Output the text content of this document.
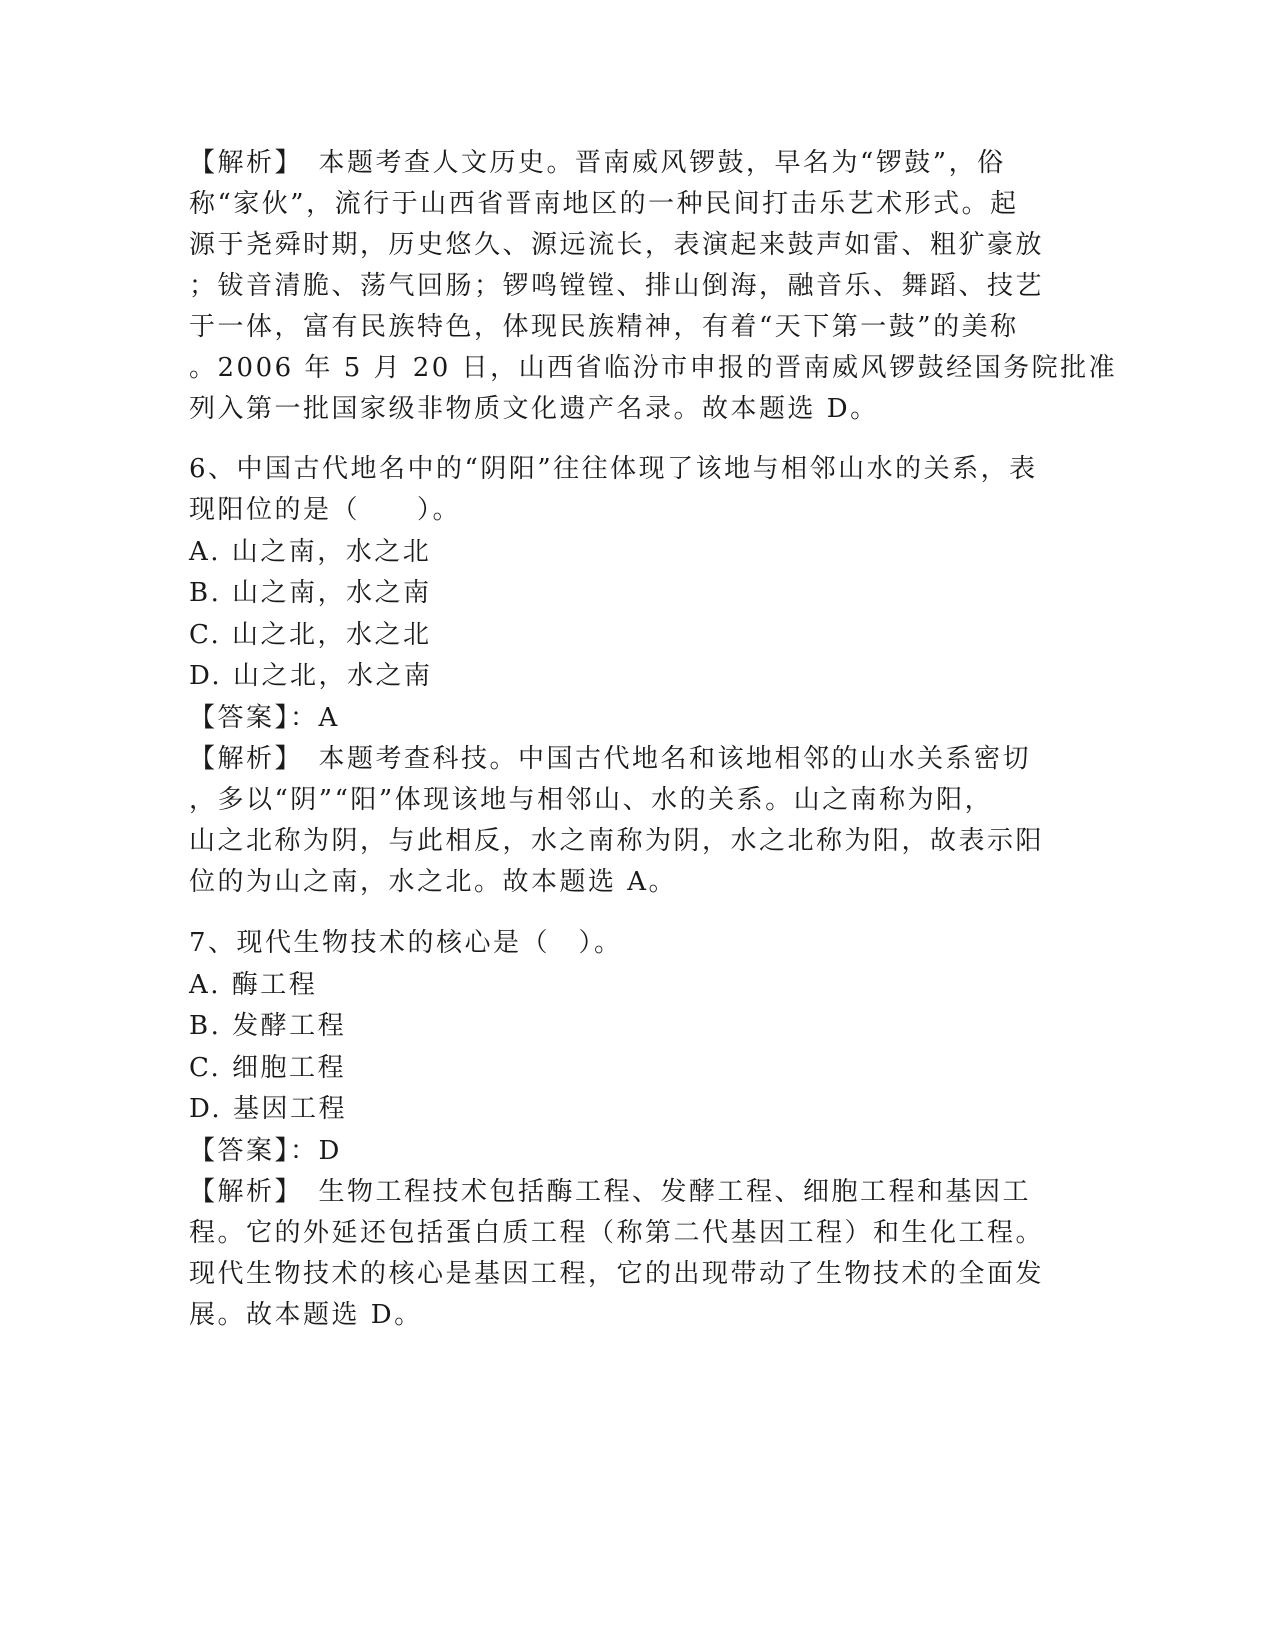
【解析】　本题考查人文历史。晋南威风锣鼓，早名为“锣鼓”，俗
称“家伙”，流行于山西省晋南地区的一种民间打击乐艺术形式。起
源于尧舜时期，历史悠久、源远流长，表演起来鼓声如雷、粗犷豪放
；钹音清脆、荡气回肠；锣鸣镗镗、排山倒海，融音乐、舞蹈、技艺
于一体，富有民族特色，体现民族精神，有着“天下第一鼓”的美称
。2006 年 5 月 20 日，山西省临汾市申报的晋南威风锣鼓经国务院批准
列入第一批国家级非物质文化遗产名录。故本题选 D。
6、中国古代地名中的“阴阳”往往体现了该地与相邻山水的关系，表
现阳位的是（　　）。
A. 山之南，水之北
B. 山之南，水之南
C. 山之北，水之北
D. 山之北，水之南
【答案】：A
【解析】　本题考查科技。中国古代地名和该地相邻的山水关系密切
，多以“阴”“阳”体现该地与相邻山、水的关系。山之南称为阳，
山之北称为阴，与此相反，水之南称为阴，水之北称为阳，故表示阳
位的为山之南，水之北。故本题选 A。
7、现代生物技术的核心是（　）。
A. 酶工程
B. 发酵工程
C. 细胞工程
D. 基因工程
【答案】：D
【解析】　生物工程技术包括酶工程、发酵工程、细胞工程和基因工
程。它的外延还包括蛋白质工程（称第二代基因工程）和生化工程。
现代生物技术的核心是基因工程，它的出现带动了生物技术的全面发
展。故本题选 D。
